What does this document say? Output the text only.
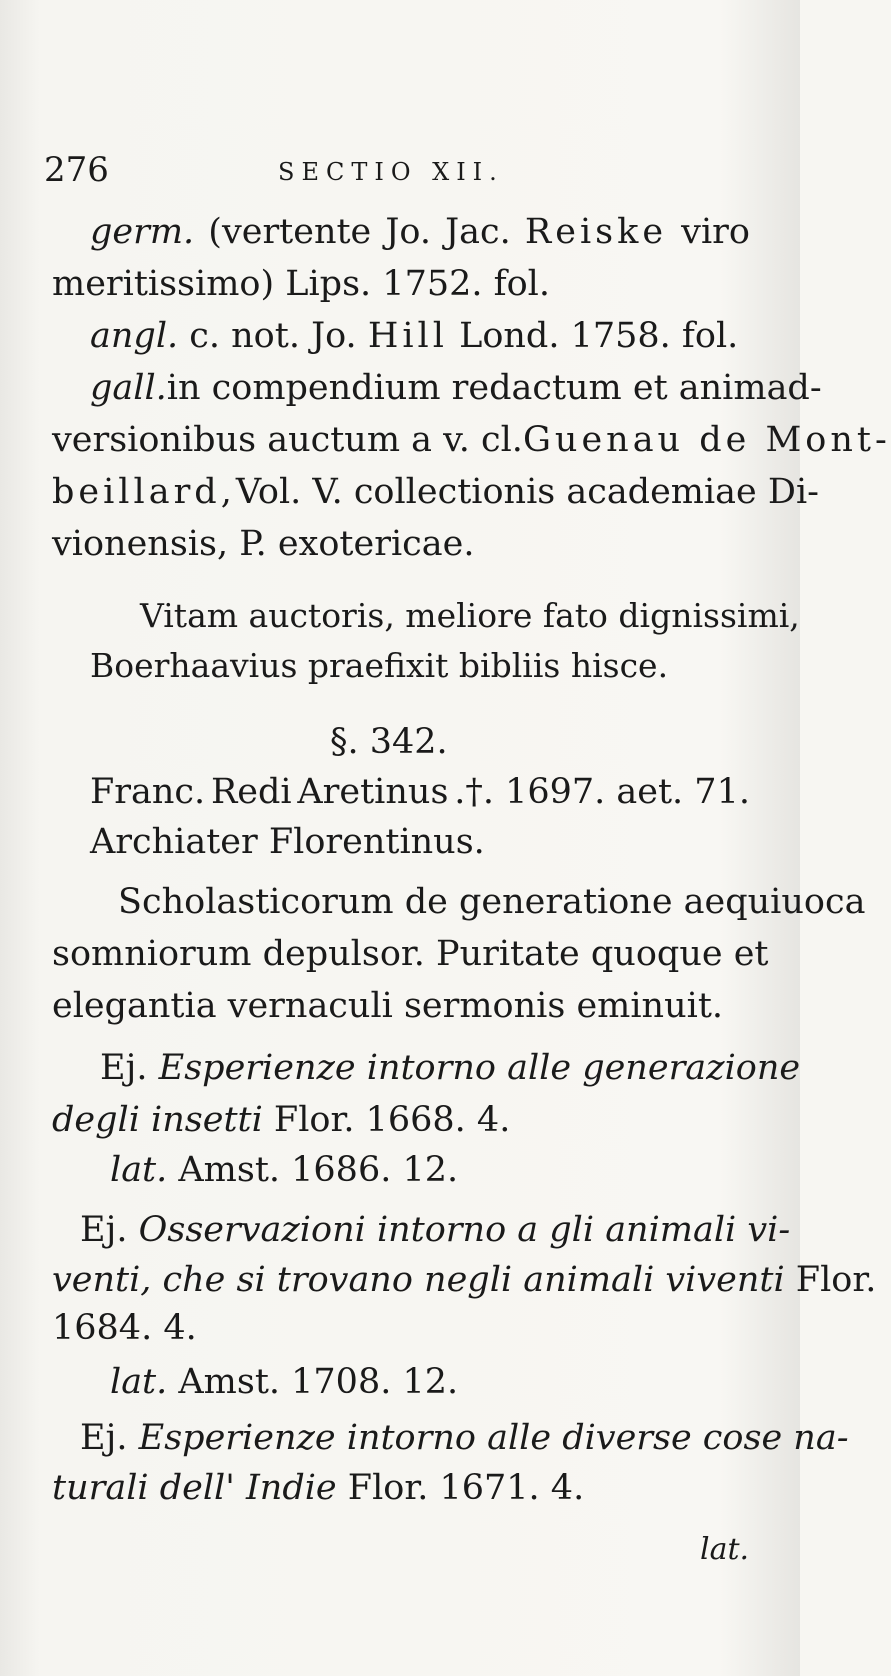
276	SECTIO XII.
germ. (vertente Jo. Jac. Reiske viro
meritissimo) Lips. 1752. fol.
angl. c. not. Jo. Hill Lond. 1758. fol.
gall. in compendium redactum et animad-
versionibus auctum a v. cl. Guenau de Mont-
beillard, Vol. V. collectionis academiae Di-
vionensis, P. exotericae.
Vitam auctoris, meliore fato dignissimi,
Boerhaavius praefixit bibliis hisce.
§. 342.
Franc. Redi Aretinus .†. 1697. aet. 71.
Archiater Florentinus.
Scholasticorum de generatione aequiuoca
somniorum depulsor. Puritate quoque et
elegantia vernaculi sermonis eminuit.
Ej. Esperienze intorno alle generazione
degli insetti Flor. 1668. 4.
lat. Amst. 1686. 12.
Ej. Osservazioni intorno a gli animali vi-
venti, che si trovano negli animali viventi Flor.
1684. 4.
lat. Amst. 1708. 12.
Ej. Esperienze intorno alle diverse cose na-
turali dell' Indie Flor. 1671. 4.
lat.
